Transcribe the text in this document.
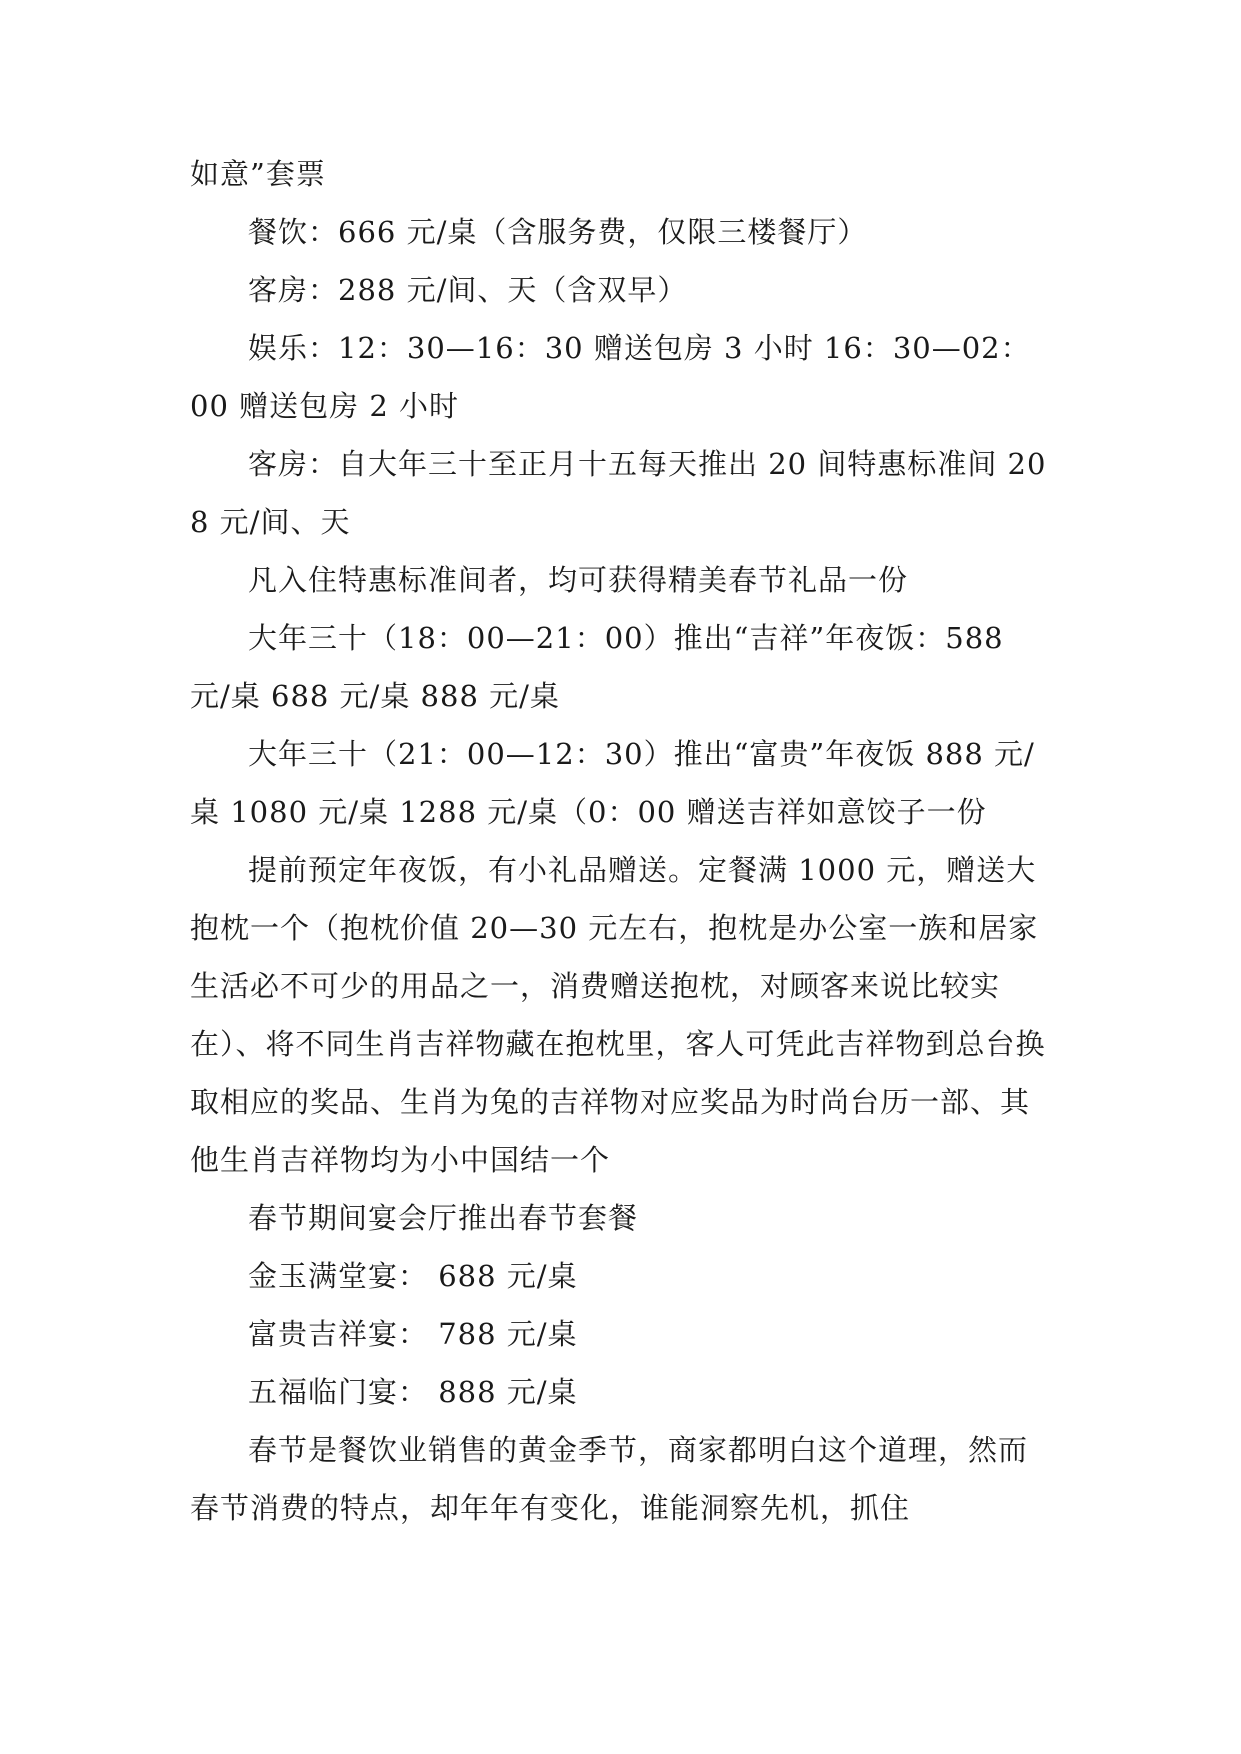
如意”套票

餐饮：666 元/桌（含服务费，仅限三楼餐厅）

客房：288 元/间、天（含双早）

娱乐：12：30—16：30 赠送包房 3 小时 16：30—02：00 赠送包房 2 小时

客房：自大年三十至正月十五每天推出 20 间特惠标准间 208 元/间、天

凡入住特惠标准间者，均可获得精美春节礼品一份

大年三十（18：00—21：00）推出“吉祥”年夜饭：588 元/桌 688 元/桌 888 元/桌

大年三十（21：00—12：30）推出“富贵”年夜饭 888 元/桌 1080 元/桌 1288 元/桌（0：00 赠送吉祥如意饺子一份

提前预定年夜饭，有小礼品赠送。定餐满 1000 元，赠送大抱枕一个（抱枕价值 20—30 元左右，抱枕是办公室一族和居家生活必不可少的用品之一，消费赠送抱枕，对顾客来说比较实在）、将不同生肖吉祥物藏在抱枕里，客人可凭此吉祥物到总台换取相应的奖品、生肖为兔的吉祥物对应奖品为时尚台历一部、其他生肖吉祥物均为小中国结一个

春节期间宴会厅推出春节套餐

金玉满堂宴： 688 元/桌

富贵吉祥宴： 788 元/桌

五福临门宴： 888 元/桌

春节是餐饮业销售的黄金季节，商家都明白这个道理，然而春节消费的特点，却年年有变化，谁能洞察先机，抓住
